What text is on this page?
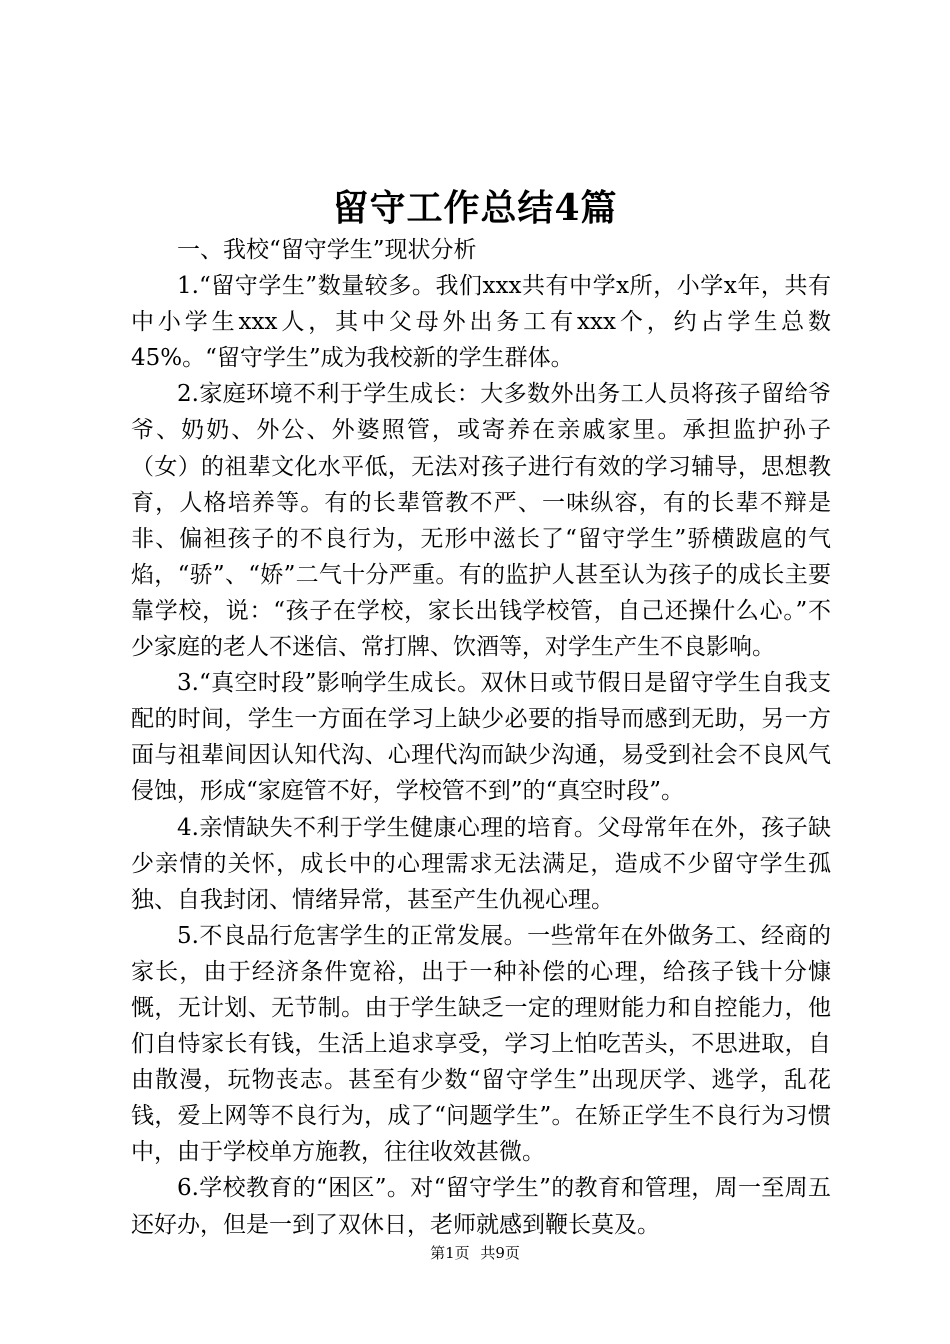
留守工作总结4篇

一、我校“留守学生”现状分析

1.“留守学生”数量较多。我们xxx共有中学x所，小学x年，共有中小学生xxx人，其中父母外出务工有xxx个，约占学生总数45%。“留守学生”成为我校新的学生群体。

2.家庭环境不利于学生成长：大多数外出务工人员将孩子留给爷爷、奶奶、外公、外婆照管，或寄养在亲戚家里。承担监护孙子（女）的祖辈文化水平低，无法对孩子进行有效的学习辅导，思想教育，人格培养等。有的长辈管教不严、一味纵容，有的长辈不辩是非、偏袒孩子的不良行为，无形中滋长了“留守学生”骄横跋扈的气焰，“骄”、“娇”二气十分严重。有的监护人甚至认为孩子的成长主要靠学校，说：“孩子在学校，家长出钱学校管，自己还操什么心。”不少家庭的老人不迷信、常打牌、饮酒等，对学生产生不良影响。

3.“真空时段”影响学生成长。双休日或节假日是留守学生自我支配的时间，学生一方面在学习上缺少必要的指导而感到无助，另一方面与祖辈间因认知代沟、心理代沟而缺少沟通，易受到社会不良风气侵蚀，形成“家庭管不好，学校管不到”的“真空时段”。

4.亲情缺失不利于学生健康心理的培育。父母常年在外，孩子缺少亲情的关怀，成长中的心理需求无法满足，造成不少留守学生孤独、自我封闭、情绪异常，甚至产生仇视心理。

5.不良品行危害学生的正常发展。一些常年在外做务工、经商的家长，由于经济条件宽裕，出于一种补偿的心理，给孩子钱十分慷慨，无计划、无节制。由于学生缺乏一定的理财能力和自控能力，他们自恃家长有钱，生活上追求享受，学习上怕吃苦头，不思进取，自由散漫，玩物丧志。甚至有少数“留守学生”出现厌学、逃学，乱花钱，爱上网等不良行为，成了“问题学生”。在矫正学生不良行为习惯中，由于学校单方施教，往往收效甚微。

6.学校教育的“困区”。对“留守学生”的教育和管理，周一至周五还好办，但是一到了双休日，老师就感到鞭长莫及。

第1页 共9页
